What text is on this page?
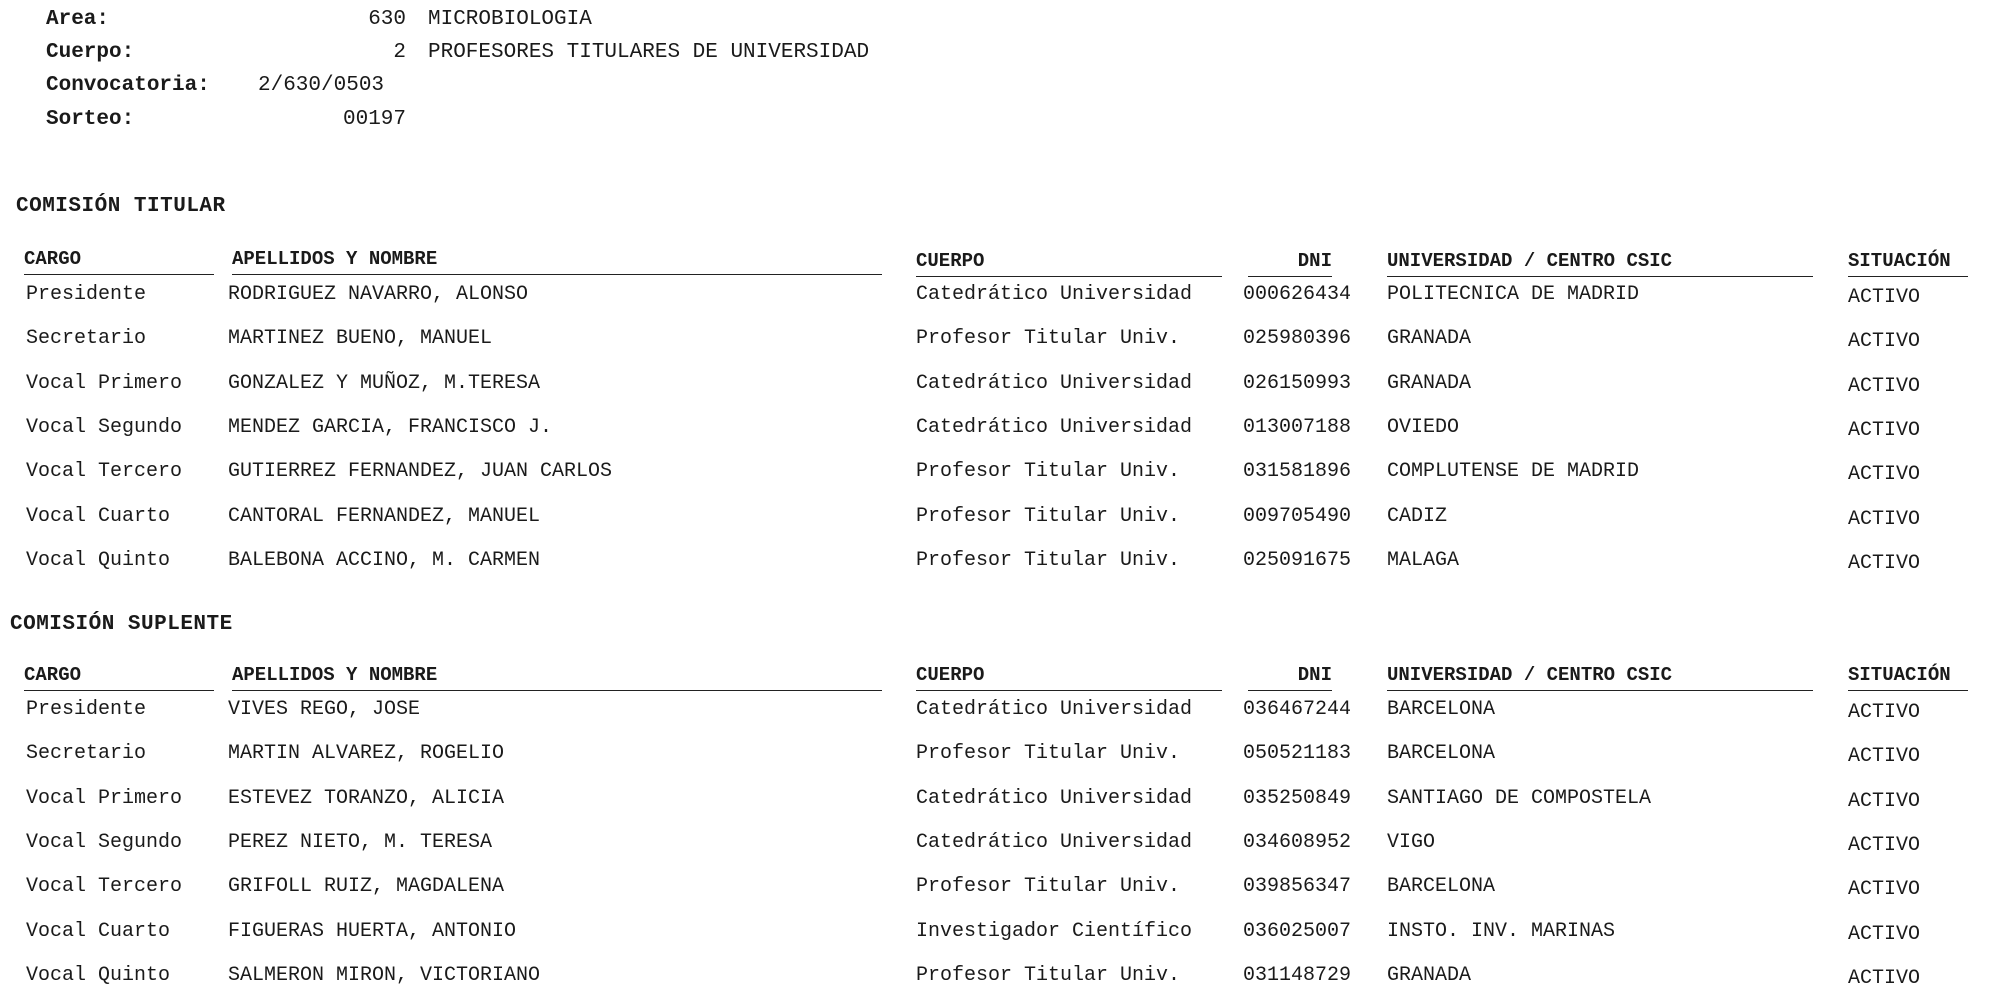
Area:	630 MICROBIOLOGIA
Cuerpo:	2 PROFESORES TITULARES DE UNIVERSIDAD
Convocatoria: 2/630/0503
Sorteo:	00197
COMISIÓN TITULAR
CARGO	APELLIDOS Y NOMBRE	CUERPO	DNI	UNIVERSIDAD / CENTRO CSIC	SITUACIÓN
Presidente	RODRIGUEZ NAVARRO, ALONSO	Catedrático Universidad	000626434 POLITECNICA DE MADRID	ACTIVO
Secretario	MARTINEZ BUENO, MANUEL	Profesor Titular Univ.	025980396 GRANADA	ACTIVO
Vocal Primero GONZALEZ Y MUÑOZ, M.TERESA	Catedrático Universidad	026150993 GRANADA	ACTIVO
Vocal Segundo MENDEZ GARCIA, FRANCISCO J.	Catedrático Universidad	013007188 OVIEDO	ACTIVO
Vocal Tercero GUTIERREZ FERNANDEZ, JUAN CARLOS	Profesor Titular Univ.	031581896 COMPLUTENSE DE MADRID	ACTIVO
Vocal Cuarto	CANTORAL FERNANDEZ, MANUEL	Profesor Titular Univ.	009705490 CADIZ	ACTIVO
Vocal Quinto	BALEBONA ACCINO, M. CARMEN	Profesor Titular Univ.	025091675 MALAGA	ACTIVO
COMISIÓN SUPLENTE
CARGO	APELLIDOS Y NOMBRE	CUERPO	DNI	UNIVERSIDAD / CENTRO CSIC	SITUACIÓN
Presidente	VIVES REGO, JOSE	Catedrático Universidad	036467244 BARCELONA	ACTIVO
Secretario	MARTIN ALVAREZ, ROGELIO	Profesor Titular Univ.	050521183 BARCELONA	ACTIVO
Vocal Primero ESTEVEZ TORANZO, ALICIA	Catedrático Universidad	035250849 SANTIAGO DE COMPOSTELA	ACTIVO
Vocal Segundo PEREZ NIETO, M. TERESA	Catedrático Universidad	034608952 VIGO	ACTIVO
Vocal Tercero GRIFOLL RUIZ, MAGDALENA	Profesor Titular Univ.	039856347 BARCELONA	ACTIVO
Vocal Cuarto	FIGUERAS HUERTA, ANTONIO	Investigador Científico	036025007 INSTO. INV. MARINAS	ACTIVO
Vocal Quinto	SALMERON MIRON, VICTORIANO	Profesor Titular Univ.	031148729 GRANADA	ACTIVO
